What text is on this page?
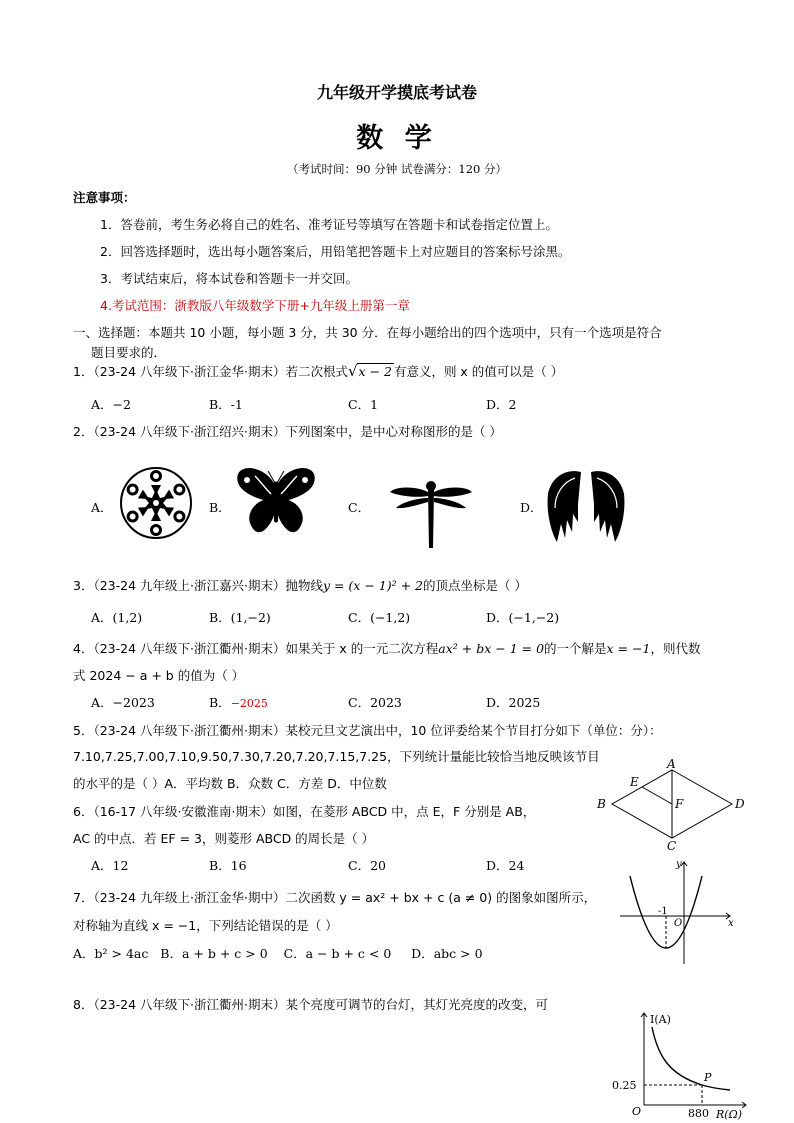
九年级开学摸底考试卷
数 学
（考试时间：90 分钟 试卷满分：120 分）
注意事项：
1．答卷前，考生务必将自己的姓名、准考证号等填写在答题卡和试卷指定位置上。
2．回答选择题时，选出每小题答案后，用铅笔把答题卡上对应题目的答案标号涂黑。
3．考试结束后，将本试卷和答题卡一并交回。
4.考试范围：浙教版八年级数学下册+九年级上册第一章
一、选择题：本题共 10 小题，每小题 3 分，共 30 分．在每小题给出的四个选项中，只有一个选项是符合
题目要求的．
1．（23-24 八年级下·浙江金华·期末）若二次根式√x − 2 有意义，则 x 的值可以是（ ）
A．−2	B．-1	C．1	D．2
2．（23-24 八年级下·浙江绍兴·期末）下列图案中，是中心对称图形的是（ ）
A．	B．	C．	D．
3．（23-24 九年级上·浙江嘉兴·期末）抛物线y = (x − 1)² + 2的顶点坐标是（ ）
A．(1,2)	B．(1,−2)	C．(−1,2)	D．(−1,−2)
4．（23-24 八年级下·浙江衢州·期末）如果关于 x 的一元二次方程ax² + bx − 1 = 0的一个解是x = −1，则代数
式 2024 − a + b 的值为（ ）
A．−2023	B．−2025	C．2023	D．2025
5．（23-24 八年级下·浙江衢州·期末）某校元旦文艺演出中，10 位评委给某个节目打分如下（单位：分）：
7.10,7.25,7.00,7.10,9.50,7.30,7.20,7.20,7.15,7.25，下列统计量能比较恰当地反映该节目
的水平的是（ ）A．平均数 B．众数 C．方差 D．中位数
6．（16-17 八年级·安徽淮南·期末）如图，在菱形 ABCD 中，点 E，F 分别是 AB，
AC 的中点．若 EF = 3，则菱形 ABCD 的周长是（ ）
A．12	B．16	C．20	D．24
A
B
C
D
E
F
7．（23-24 九年级上·浙江金华·期中）二次函数 y = ax² + bx + c (a ≠ 0) 的图象如图所示，
对称轴为直线 x = −1，下列结论错误的是（ ）
A．b² > 4ac B．a + b + c > 0 C．a − b + c < 0 D．abc > 0
y
x
O
-1
8．（23-24 八年级下·浙江衢州·期末）某个亮度可调节的台灯，其灯光亮度的改变，可
I(A)
0.25
P
O	880 R(Ω)
